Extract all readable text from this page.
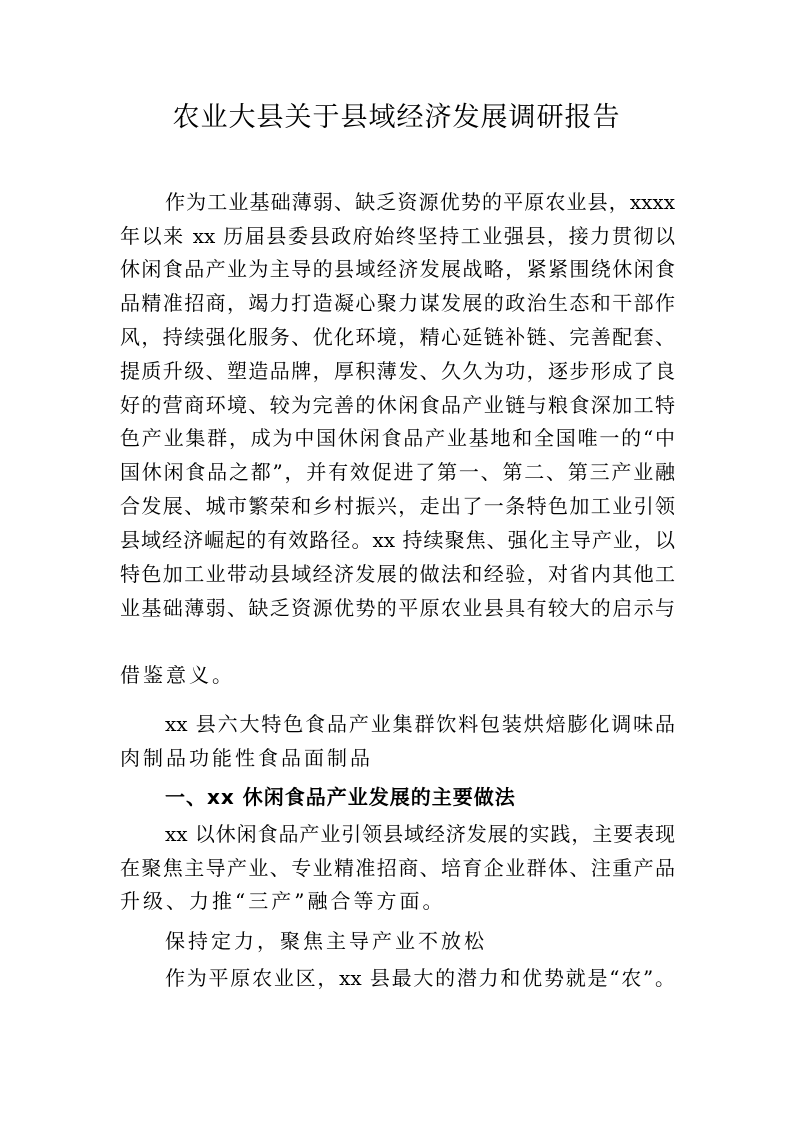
农业大县关于县域经济发展调研报告
作为工业基础薄弱、缺乏资源优势的平原农业县，xxxx
年以来 xx 历届县委县政府始终坚持工业强县，接力贯彻以
休闲食品产业为主导的县域经济发展战略，紧紧围绕休闲食
品精准招商，竭力打造凝心聚力谋发展的政治生态和干部作
风，持续强化服务、优化环境，精心延链补链、完善配套、
提质升级、塑造品牌，厚积薄发、久久为功，逐步形成了良
好的营商环境、较为完善的休闲食品产业链与粮食深加工特
色产业集群，成为中国休闲食品产业基地和全国唯一的“中
国休闲食品之都”，并有效促进了第一、第二、第三产业融
合发展、城市繁荣和乡村振兴，走出了一条特色加工业引领
县域经济崛起的有效路径。xx 持续聚焦、强化主导产业，以
特色加工业带动县域经济发展的做法和经验，对省内其他工
业基础薄弱、缺乏资源优势的平原农业县具有较大的启示与
借鉴意义。
xx 县六大特色食品产业集群饮料包装烘焙膨化调味品
肉制品功能性食品面制品
一、xx 休闲食品产业发展的主要做法
xx 以休闲食品产业引领县域经济发展的实践，主要表现
在聚焦主导产业、专业精准招商、培育企业群体、注重产品
升级、力推“三产”融合等方面。
保持定力，聚焦主导产业不放松
作为平原农业区，xx 县最大的潜力和优势就是“农”。
